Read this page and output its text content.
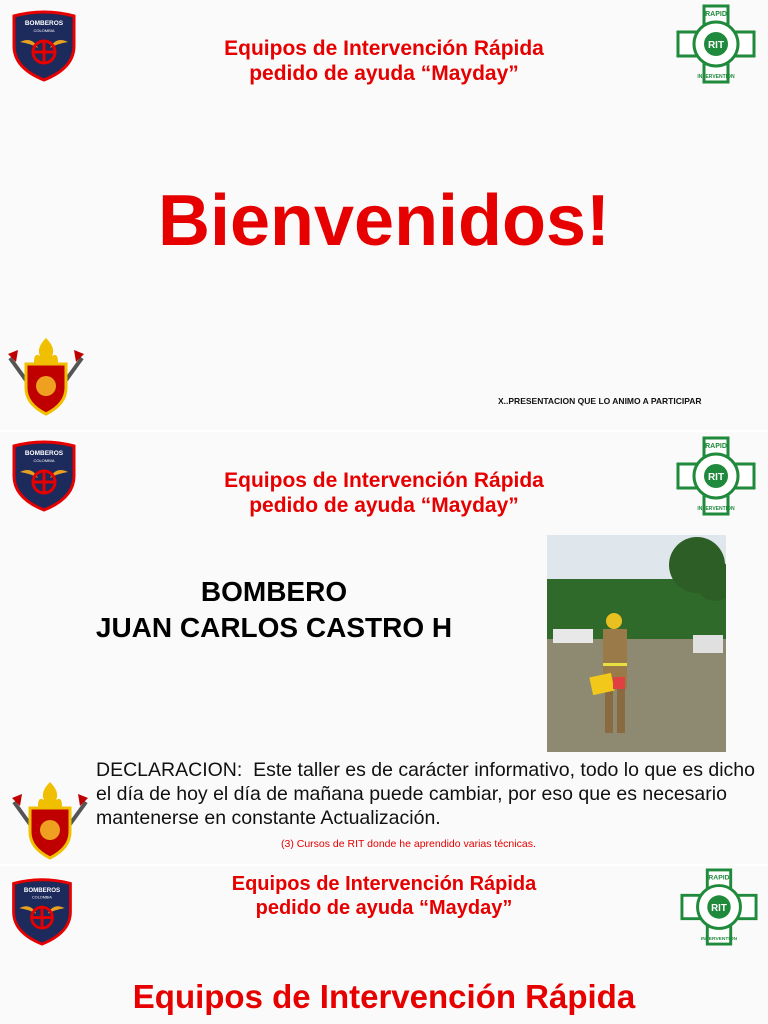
BOMBEROS
COLOMBIA
Equipos de Intervención Rápida
pedido de ayuda “Mayday”
RIT
RAPID
INTERVENTION
Bienvenidos!
X..PRESENTACION QUE LO ANIMO A PARTICIPAR
BOMBEROS
COLOMBIA
Equipos de Intervención Rápida
pedido de ayuda “Mayday”
RIT
RAPID
INTERVENTION
BOMBERO
JUAN CARLOS CASTRO H
DECLARACION: Este taller es de carácter informativo, todo lo que es dicho el día de hoy el día de mañana puede cambiar, por eso que es necesario mantenerse en constante Actualización.
(3) Cursos de RIT donde he aprendido varias técnicas.
BOMBEROS
COLOMBIA
Equipos de Intervención Rápida
pedido de ayuda “Mayday”	RIT
RAPID
INTERVENTION
Equipos de Intervención Rápida
